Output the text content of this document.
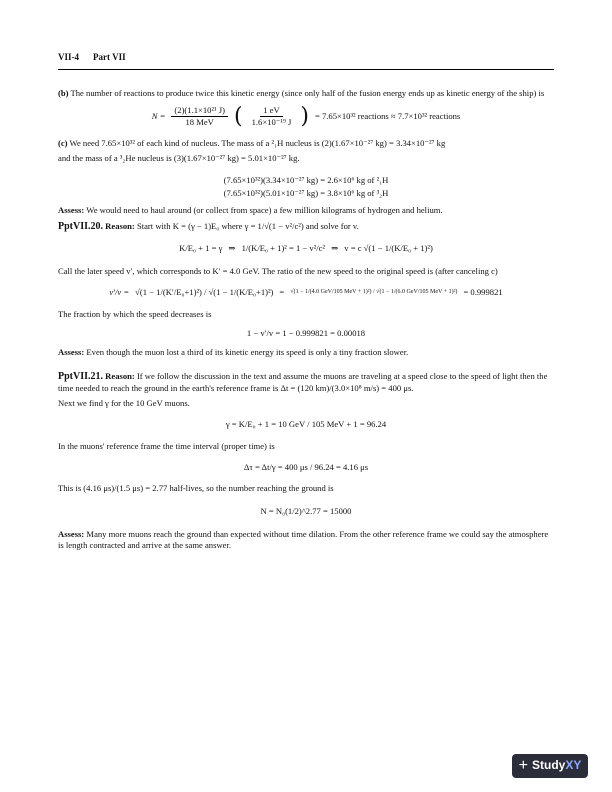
VII-4 Part VII

(b) The number of reactions to produce twice this kinetic energy (since only half of the fusion energy ends up as kinetic energy of the ship) is

$N = \frac{\text{(2)(1.1×10²¹ J)}}{\text{18 MeV}}$ ( $\frac{1 eV}{\text{1.6×10⁻¹⁹ J}}$ ) = 7.65×10³² reactions ≈ 7.7×10³² reactions

(c) We need 7.65×10³² of each kind of nucleus. The mass of a ²₁H nucleus is (2)(1.67×10⁻²⁷ kg) = 3.34×10⁻²⁷ kg

and the mass of a ³₂He nucleus is (3)(1.67×10⁻²⁷ kg) = 5.01×10⁻²⁷ kg.

(7.65×10³²)(3.34×10⁻²⁷ kg) = 2.6×10⁶ kg of ²₁H
(7.65×10³²)(5.01×10⁻²⁷ kg) = 3.8×10⁶ kg of ³₂H

Assess: We would need to haul around (or collect from space) a few million kilograms of hydrogen and helium.

PptVII.20. Reason: Start with K = (γ − 1)E₀ where γ = 1/√(1 − v²/c²) and solve for v.

K/E₀ + 1 = γ ⇒ 1/(K/E₀ + 1)² = 1 − v²/c² ⇒ v = c √(1 − 1/(K/E₀ + 1)²)

Call the later speed v′, which corresponds to K′ = 4.0 GeV. The ratio of the new speed to the original speed is (after canceling c)

v′/v = √(1 − 1/(K′/E₀+1)²) / √(1 − 1/(K/E₀+1)²) = √(1 − 1/(4.0 GeV/105 MeV + 1)²) / √(1 − 1/(6.0 GeV/105 MeV + 1)²) = 0.999821

The fraction by which the speed decreases is

1 − v′/v = 1 − 0.999821 = 0.00018

Assess: Even though the muon lost a third of its kinetic energy its speed is only a tiny fraction slower.

PptVII.21. Reason: If we follow the discussion in the text and assume the muons are traveling at a speed close to the speed of light then the time needed to reach the ground in the earth's reference frame is Δt = (120 km)/(3.0×10⁸ m/s) = 400 μs.

Next we find γ for the 10 GeV muons.

γ = K/E₀ + 1 = 10 GeV / 105 MeV + 1 = 96.24

In the muons' reference frame the time interval (proper time) is

Δτ = Δt/γ = 400 μs / 96.24 = 4.16 μs

This is (4.16 μs)/(1.5 μs) = 2.77 half-lives, so the number reaching the ground is

N = N₀(1/2)^2.77 = 15000

Assess: Many more muons reach the ground than expected without time dilation. From the other reference frame we could say the atmosphere is length contracted and arrive at the same answer.

+ StudyXY
